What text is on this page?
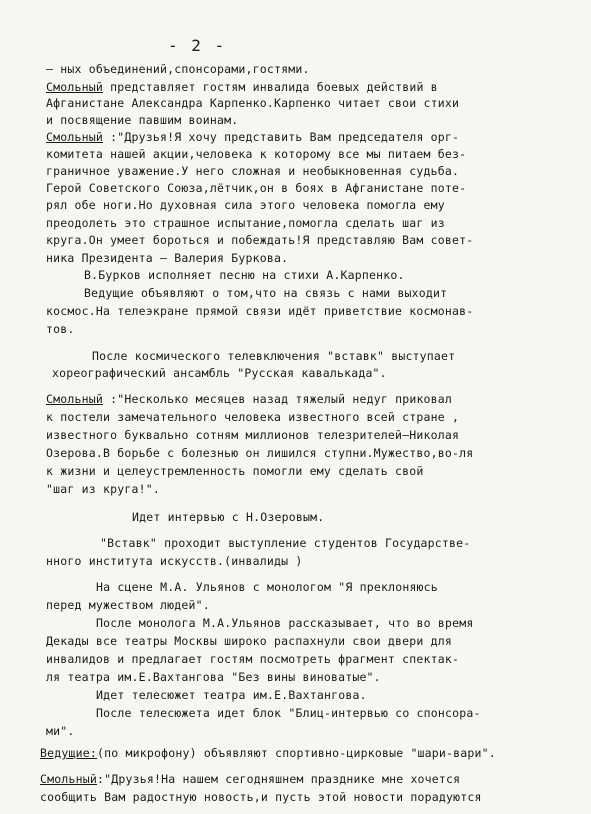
- 2 -
– ных объединений,спонсорами,гостями.
Смольный представляет гостям инвалида боевых действий в
Афганистане Александра Карпенко.Карпенко читает свои стихи
и посвящение павшим воинам.
Смольный :"Друзья!Я хочу представить Вам председателя орг-
комитета нашей акции,человека к которому все мы питаем без-
граничное уважение.У него сложная и необыкновенная судьба.
Герой Советского Союза,лётчик,он в боях в Афганистане поте-
рял обе ноги.Но духовная сила этого человека помогла ему
преодолеть это страшное испытание,помогла сделать шаг из
круга.Он умеет бороться и побеждать!Я представляю Вам совет-
ника Президента – Валерия Буркова.
В.Бурков исполняет песню на стихи А.Карпенко.
Ведущие объявляют о том,что на связь с нами выходит
космос.На телеэкране прямой связи идёт приветствие космонав-
тов.
После космического телевключения "вставк" выступает
хореографический ансамбль "Русская кавалькада".
Смольный :"Несколько месяцев назад тяжелый недуг приковал
к постели замечательного человека известного всей стране ,
известного буквально сотням миллионов телезрителей–Николая
Озерова.В борьбе с болезнью он лишился ступни.Мужество,во-ля
к жизни и целеустремленность помогли ему сделать свой
"шаг из круга!".
Идет интервью с Н.Озеровым.
"Вставк" проходит выступление студентов Государстве-
нного института искусств.(инвалиды )
На сцене М.А. Ульянов с монологом "Я преклоняюсь
перед мужеством людей".
После монолога М.А.Ульянов рассказывает, что во время
Декады все театры Москвы широко распахнули свои двери для
инвалидов и предлагает гостям посмотреть фрагмент спектак-
ля театра им.Е.Вахтангова "Без вины виноватые".
Идет телесюжет театра им.Е.Вахтангова.
После телесюжета идет блок "Блиц-интервью со спонсора-
ми".
Ведущие:(по микрофону) объявляют спортивно-цирковые "шари-вари".
Смольный:"Друзья!На нашем сегодняшнем празднике мне хочется
сообщить Вам радостную новость,и пусть этой новости порадуются
